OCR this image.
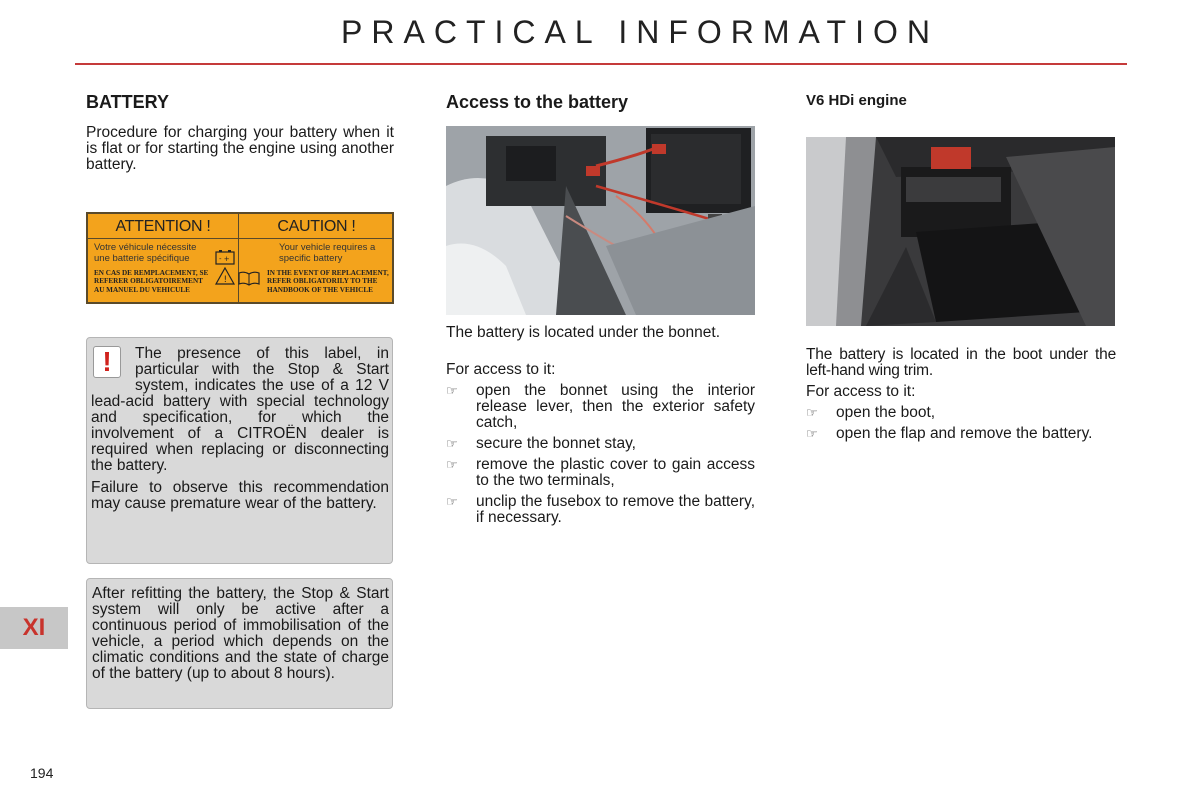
PRACTICAL INFORMATION
BATTERY
Procedure for charging your battery when it is flat or for starting the engine using another battery.
ATTENTION !
Votre véhicule nécessite une batterie spécifique
EN CAS DE REMPLACEMENT, SE REFERER OBLIGATOIREMENT AU MANUEL DU VEHICULE
- +
!
CAUTION !
Your vehicle requires a specific battery
IN THE EVENT OF REPLACEMENT, REFER OBLIGATORILY TO THE HANDBOOK OF THE VEHICLE
!	The presence of this label, in particular with the Stop & Start system, indicates the use of a 12 V lead-acid battery with special technology and specification, for which the involvement of a CITROËN dealer is required when replacing or disconnecting the battery.

Failure to observe this recommendation may cause premature wear of the battery.

After refitting the battery, the Stop & Start system will only be active after a continuous period of immobilisation of the vehicle, a period which depends on the climatic conditions and the state of charge of the battery (up to about 8 hours).
Access to the battery
The battery is located under the bonnet.
For access to it:
☞ open the bonnet using the interior release lever, then the exterior safety catch,
☞ secure the bonnet stay,
☞ remove the plastic cover to gain access to the two terminals,
☞ unclip the fusebox to remove the battery, if necessary.
V6 HDi engine
The battery is located in the boot under the left-hand wing trim.
For access to it:
☞ open the boot,
☞ open the flap and remove the battery.
XI
194
